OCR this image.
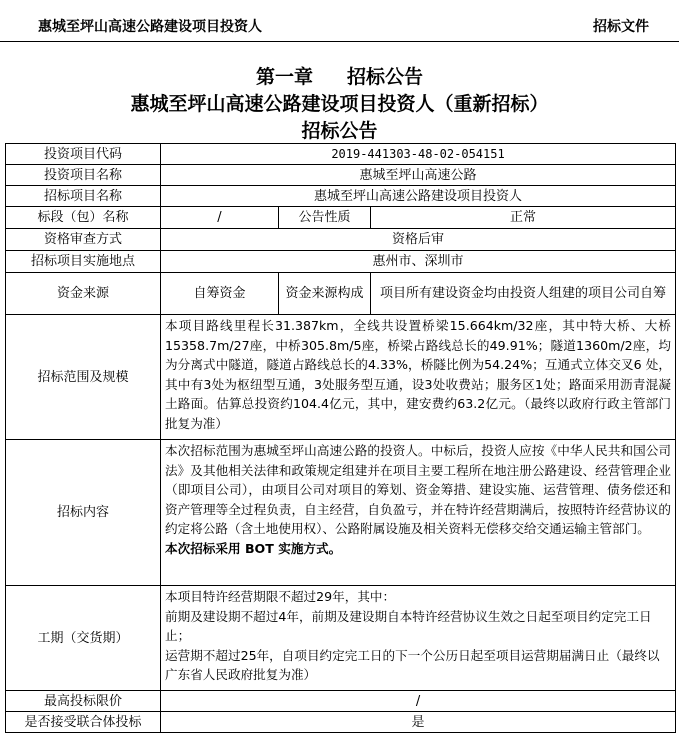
惠城至坪山高速公路建设项目投资人	招标文件
第一章 招标公告
惠城至坪山高速公路建设项目投资人（重新招标）
招标公告
投资项目代码	2019-441303-48-02-054151		
投资项目名称	惠城至坪山高速公路		
招标项目名称	惠城至坪山高速公路建设项目投资人		
标段（包）名称	/	公告性质	正常
资格审查方式	资格后审		
招标项目实施地点	惠州市、深圳市		
资金来源	自筹资金	资金来源构成	项目所有建设资金均由投资人组建的项目公司自筹
招标范围及规模	本项目路线里程长31.387km，全线共设置桥梁15.664km/32座，其中特大桥、大桥15358.7m/27座，中桥305.8m/5座，桥梁占路线总长的49.91%；隧道1360m/2座，均为分离式中隧道，隧道占路线总长的4.33%，桥隧比例为54.24%；互通式立体交叉6 处，其中有3处为枢纽型互通，3处服务型互通，设3处收费站；服务区1处；路面采用沥青混凝土路面。估算总投资约104.4亿元，其中，建安费约63.2亿元。（最终以政府行政主管部门批复为准）		
招标内容	本次招标范围为惠城至坪山高速公路的投资人。中标后，投资人应按《中华人民共和国公司法》及其他相关法律和政策规定组建并在项目主要工程所在地注册公路建设、经营管理企业（即项目公司），由项目公司对项目的筹划、资金筹措、建设实施、运营管理、债务偿还和资产管理等全过程负责，自主经营，自负盈亏，并在特许经营期满后，按照特许经营协议的约定将公路（含土地使用权）、公路附属设施及相关资料无偿移交给交通运输主管部门。
本次招标采用 BOT 实施方式。		
工期（交货期）	本项目特许经营期限不超过29年，其中：
前期及建设期不超过4年，前期及建设期自本特许经营协议生效之日起至项目约定完工日止；
运营期不超过25年，自项目约定完工日的下一个公历日起至项目运营期届满日止（最终以广东省人民政府批复为准）		

最高投标限价	/		
是否接受联合体投标	是		
